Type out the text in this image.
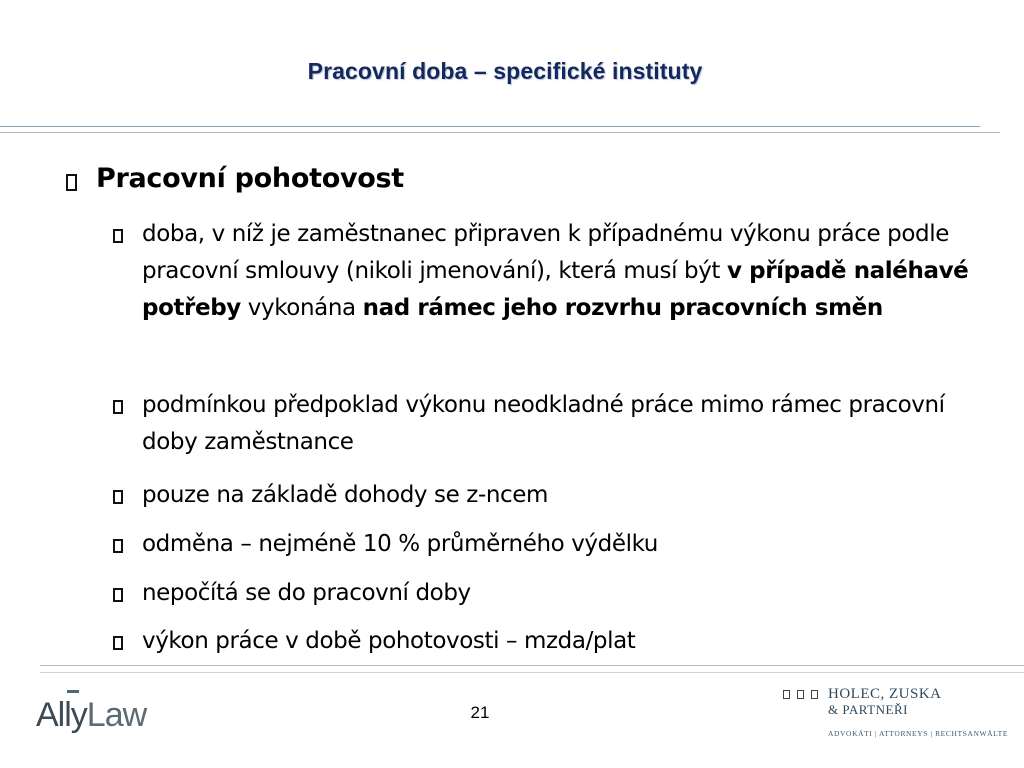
Pracovní doba – specifické instituty
Pracovní pohotovost
doba, v níž je zaměstnanec připraven k případnému výkonu práce podle pracovní smlouvy (nikoli jmenování), která musí být v případě naléhavé potřeby vykonána nad rámec jeho rozvrhu pracovních směn
podmínkou předpoklad výkonu neodkladné práce mimo rámec pracovní doby zaměstnance
pouze na základě dohody se z-ncem
odměna – nejméně 10 % průměrného výdělku
nepočítá se do pracovní doby
výkon práce v době pohotovosti – mzda/plat
AllyLaw	21
HOLEC, ZUSKA
& PARTNEŘI
ADVOKÁTI | ATTORNEYS | RECHTSANWÄLTE
